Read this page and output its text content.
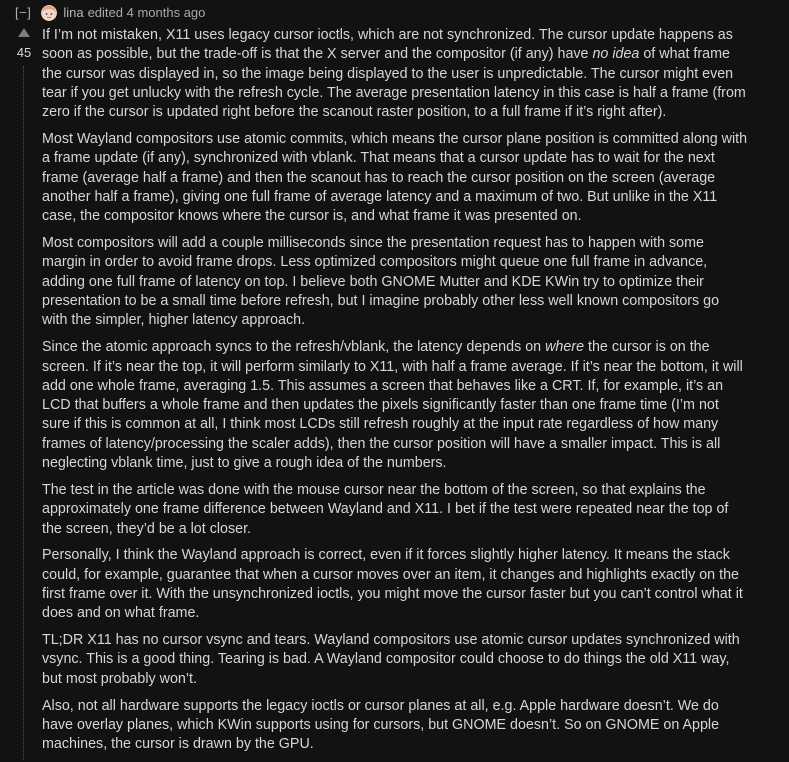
[−] lina edited 4 months ago
45

If I’m not mistaken, X11 uses legacy cursor ioctls, which are not synchronized. The cursor update happens as soon as possible, but the trade-off is that the X server and the compositor (if any) have no idea of what frame the cursor was displayed in, so the image being displayed to the user is unpredictable. The cursor might even tear if you get unlucky with the refresh cycle. The average presentation latency in this case is half a frame (from zero if the cursor is updated right before the scanout raster position, to a full frame if it’s right after).

Most Wayland compositors use atomic commits, which means the cursor plane position is committed along with a frame update (if any), synchronized with vblank. That means that a cursor update has to wait for the next frame (average half a frame) and then the scanout has to reach the cursor position on the screen (average another half a frame), giving one full frame of average latency and a maximum of two. But unlike in the X11 case, the compositor knows where the cursor is, and what frame it was presented on.

Most compositors will add a couple milliseconds since the presentation request has to happen with some margin in order to avoid frame drops. Less optimized compositors might queue one full frame in advance, adding one full frame of latency on top. I believe both GNOME Mutter and KDE KWin try to optimize their presentation to be a small time before refresh, but I imagine probably other less well known compositors go with the simpler, higher latency approach.

Since the atomic approach syncs to the refresh/vblank, the latency depends on where the cursor is on the screen. If it’s near the top, it will perform similarly to X11, with half a frame average. If it’s near the bottom, it will add one whole frame, averaging 1.5. This assumes a screen that behaves like a CRT. If, for example, it’s an LCD that buffers a whole frame and then updates the pixels significantly faster than one frame time (I’m not sure if this is common at all, I think most LCDs still refresh roughly at the input rate regardless of how many frames of latency/processing the scaler adds), then the cursor position will have a smaller impact. This is all neglecting vblank time, just to give a rough idea of the numbers.

The test in the article was done with the mouse cursor near the bottom of the screen, so that explains the approximately one frame difference between Wayland and X11. I bet if the test were repeated near the top of the screen, they’d be a lot closer.

Personally, I think the Wayland approach is correct, even if it forces slightly higher latency. It means the stack could, for example, guarantee that when a cursor moves over an item, it changes and highlights exactly on the first frame over it. With the unsynchronized ioctls, you might move the cursor faster but you can’t control what it does and on what frame.

TL;DR X11 has no cursor vsync and tears. Wayland compositors use atomic cursor updates synchronized with vsync. This is a good thing. Tearing is bad. A Wayland compositor could choose to do things the old X11 way, but most probably won’t.

Also, not all hardware supports the legacy ioctls or cursor planes at all, e.g. Apple hardware doesn’t. We do have overlay planes, which KWin supports using for cursors, but GNOME doesn’t. So on GNOME on Apple machines, the cursor is drawn by the GPU.
